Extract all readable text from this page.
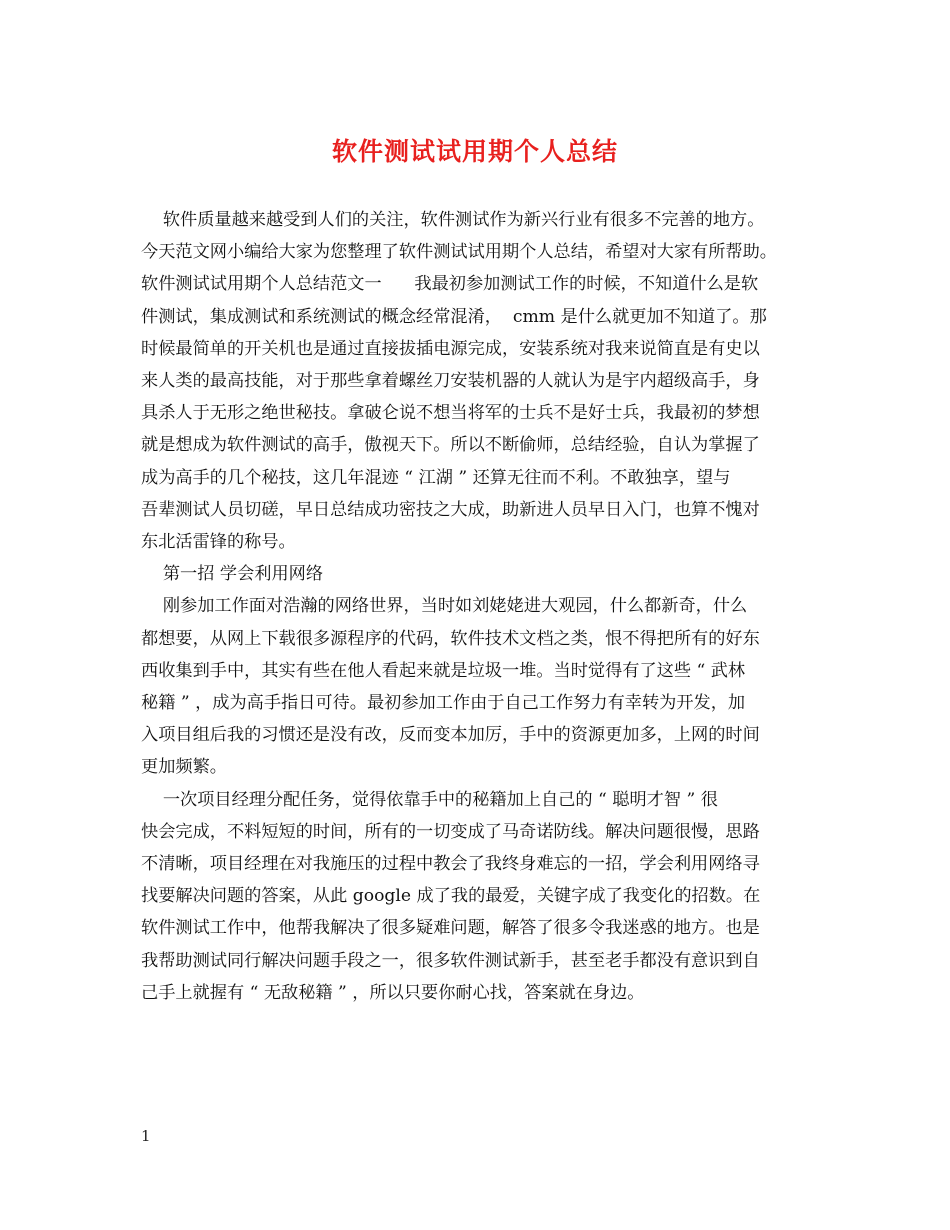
软件测试试用期个人总结

软件质量越来越受到人们的关注，软件测试作为新兴行业有很多不完善的地方。

今天范文网小编给大家为您整理了软件测试试用期个人总结，希望对大家有所帮助。

软件测试试用期个人总结范文一      我最初参加测试工作的时候，不知道什么是软

件测试，集成测试和系统测试的概念经常混淆，  cmm 是什么就更加不知道了。那

时候最简单的开关机也是通过直接拔插电源完成，安装系统对我来说简直是有史以

来人类的最高技能，对于那些拿着螺丝刀安装机器的人就认为是宇内超级高手，身

具杀人于无形之绝世秘技。拿破仑说不想当将军的士兵不是好士兵，我最初的梦想

就是想成为软件测试的高手，傲视天下。所以不断偷师，总结经验，自认为掌握了

成为高手的几个秘技，这几年混迹 “ 江湖 ” 还算无往而不利。不敢独享，望与

吾辈测试人员切磋，早日总结成功密技之大成，助新进人员早日入门，也算不愧对

东北活雷锋的称号。

第一招 学会利用网络

刚参加工作面对浩瀚的网络世界，当时如刘姥姥进大观园，什么都新奇，什么

都想要，从网上下载很多源程序的代码，软件技术文档之类，恨不得把所有的好东

西收集到手中，其实有些在他人看起来就是垃圾一堆。当时觉得有了这些 “ 武林

秘籍 ” ，成为高手指日可待。最初参加工作由于自己工作努力有幸转为开发，加

入项目组后我的习惯还是没有改，反而变本加厉，手中的资源更加多，上网的时间

更加频繁。

一次项目经理分配任务，觉得依靠手中的秘籍加上自己的 “ 聪明才智 ” 很

快会完成，不料短短的时间，所有的一切变成了马奇诺防线。解决问题很慢，思路

不清晰，项目经理在对我施压的过程中教会了我终身难忘的一招，学会利用网络寻

找要解决问题的答案，从此 google 成了我的最爱，关键字成了我变化的招数。在

软件测试工作中，他帮我解决了很多疑难问题，解答了很多令我迷惑的地方。也是

我帮助测试同行解决问题手段之一，很多软件测试新手，甚至老手都没有意识到自

己手上就握有 “ 无敌秘籍 ” ，所以只要你耐心找，答案就在身边。

1
